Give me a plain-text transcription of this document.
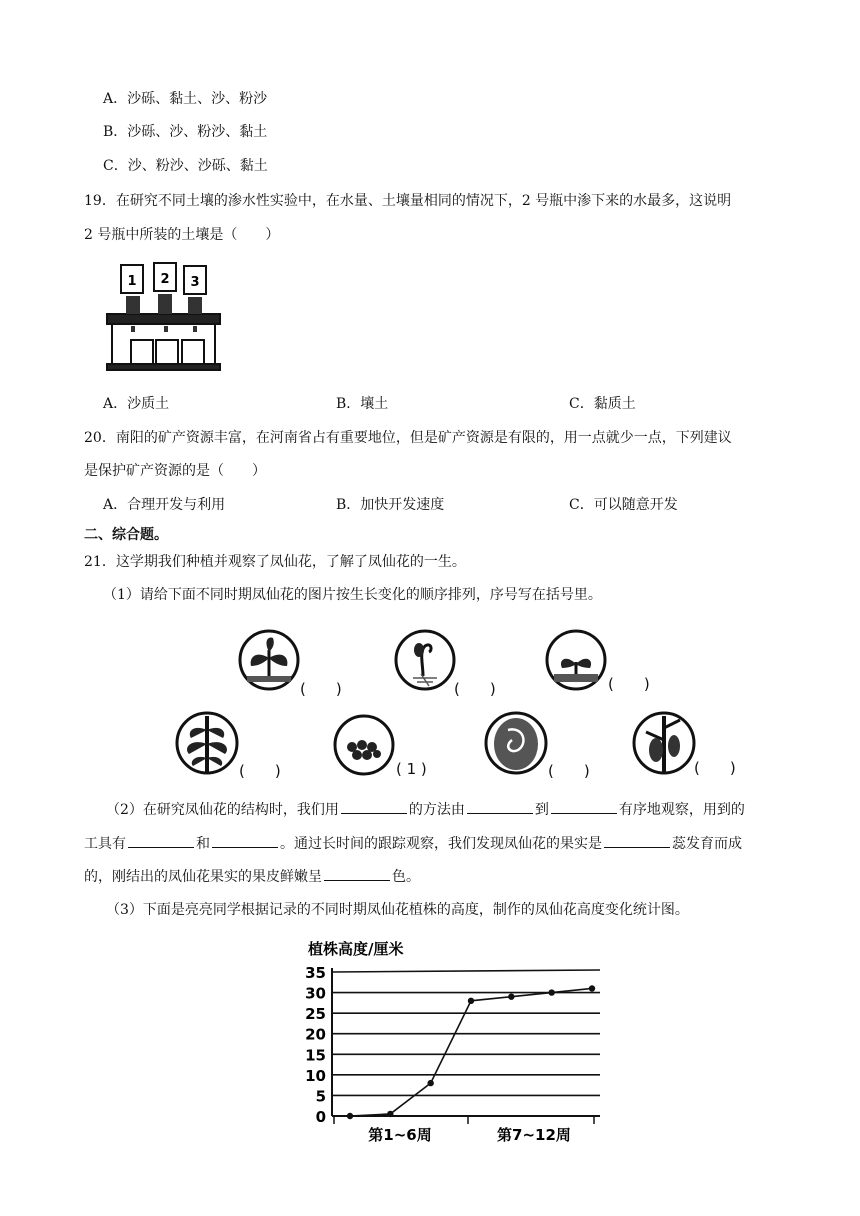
A．沙砾、黏土、沙、粉沙
B．沙砾、沙、粉沙、黏土
C．沙、粉沙、沙砾、黏土
19．在研究不同土壤的渗水性实验中，在水量、土壤量相同的情况下，2 号瓶中渗下来的水最多，这说明
2 号瓶中所装的土壤是（　　）
1 2 3
A．沙质土	B．壤土	C．黏质土
20．南阳的矿产资源丰富，在河南省占有重要地位，但是矿产资源是有限的，用一点就少一点，下列建议
是保护矿产资源的是（　　）
A．合理开发与利用	B．加快开发速度	C．可以随意开发
二、综合题。
21．这学期我们种植并观察了凤仙花，了解了凤仙花的一生。
（1）请给下面不同时期凤仙花的图片按生长变化的顺序排列，序号写在括号里。
(　　)	(　　)	(　　)
(　　)	( 1 )	(　　)	(　　)
（2）在研究凤仙花的结构时，我们用	的方法由	到	有序地观察，用到的
工具有	和	。通过长时间的跟踪观察，我们发现凤仙花的果实是	蕊发育而成
的，刚结出的凤仙花果实的果皮鲜嫩呈	色。
（3）下面是亮亮同学根据记录的不同时期凤仙花植株的高度，制作的凤仙花高度变化统计图。
植株高度/厘米
0
5
10
15
20
25
30
35
第1~6周	第7~12周
